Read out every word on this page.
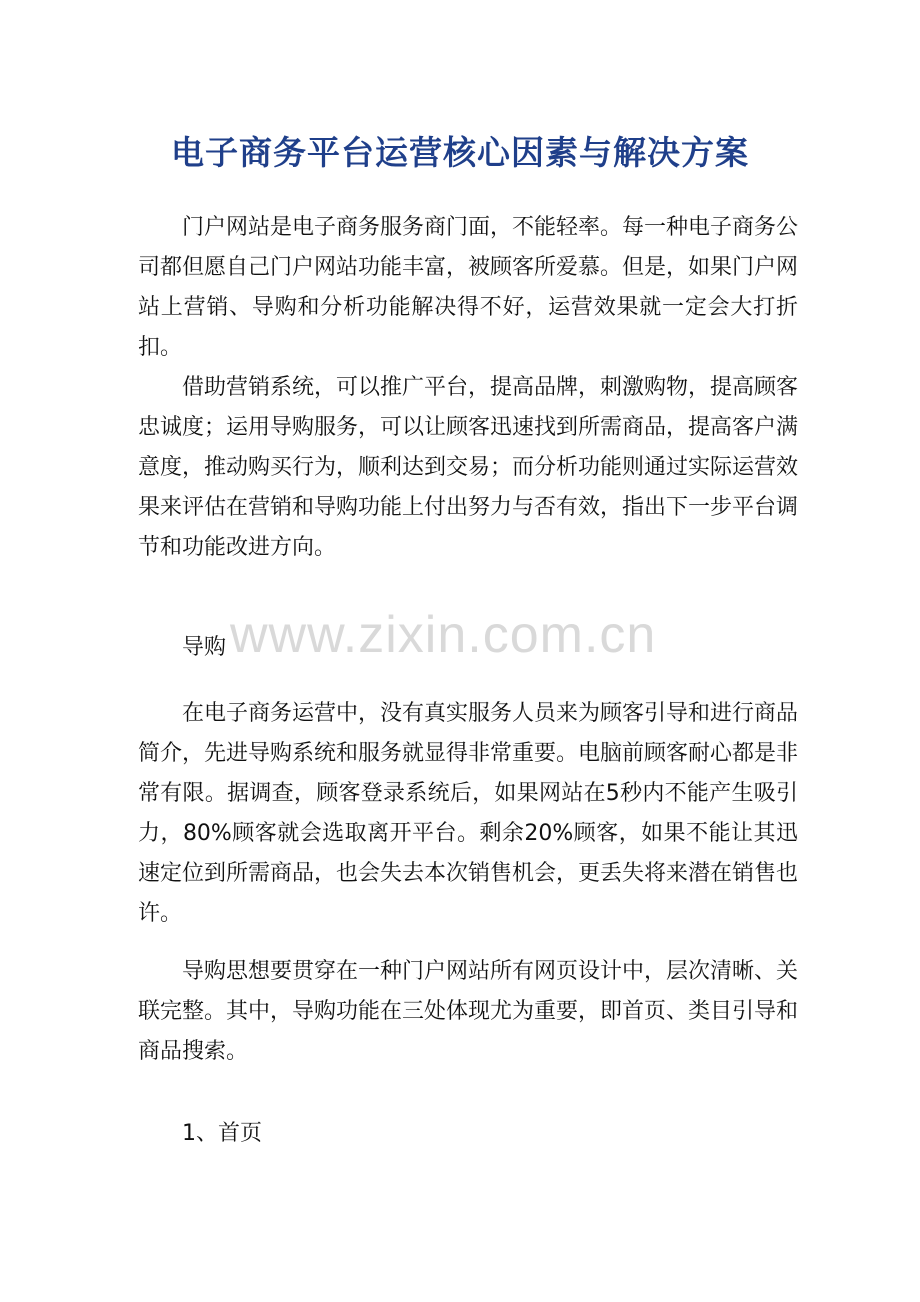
电子商务平台运营核心因素与解决方案
门户网站是电子商务服务商门面，不能轻率。每一种电子商务公司都但愿自己门户网站功能丰富，被顾客所爱慕。但是，如果门户网站上营销、导购和分析功能解决得不好，运营效果就一定会大打折扣。
借助营销系统，可以推广平台，提高品牌，刺激购物，提高顾客忠诚度；运用导购服务，可以让顾客迅速找到所需商品，提高客户满意度，推动购买行为，顺利达到交易；而分析功能则通过实际运营效果来评估在营销和导购功能上付出努力与否有效，指出下一步平台调节和功能改进方向。
导购
在电子商务运营中，没有真实服务人员来为顾客引导和进行商品简介，先进导购系统和服务就显得非常重要。电脑前顾客耐心都是非常有限。据调查，顾客登录系统后，如果网站在5秒内不能产生吸引力，80%顾客就会选取离开平台。剩余20%顾客，如果不能让其迅速定位到所需商品，也会失去本次销售机会，更丢失将来潜在销售也许。
导购思想要贯穿在一种门户网站所有网页设计中，层次清晰、关联完整。其中，导购功能在三处体现尤为重要，即首页、类目引导和商品搜索。
1、首页
www.zixin.com.cn
